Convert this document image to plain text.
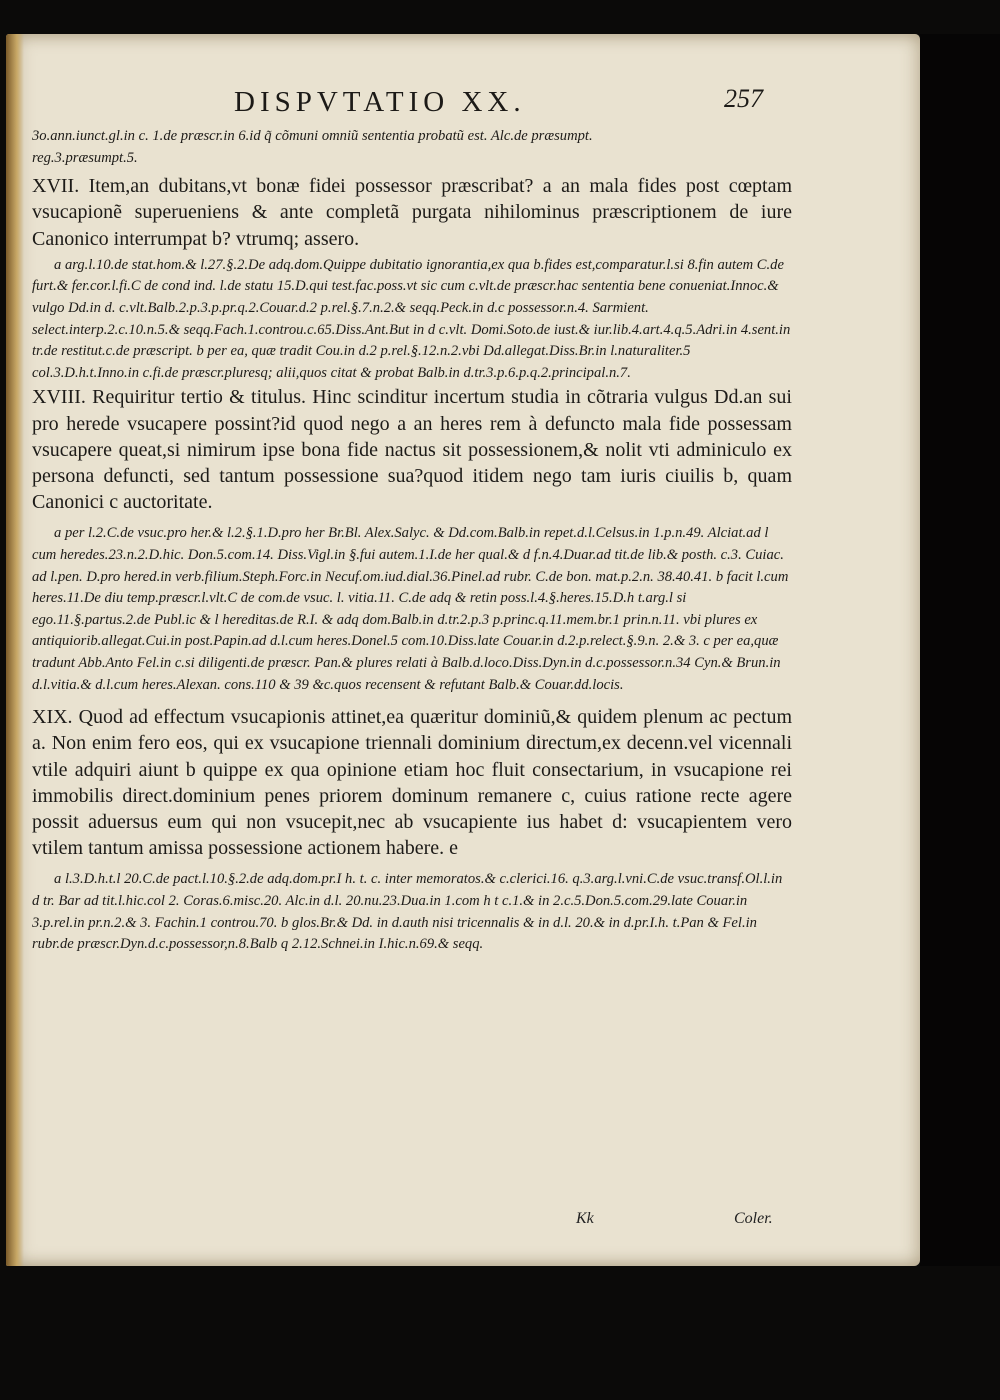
DISPVTATIO XX.	257

3o.ann.iunct.gl.in c. 1.de præscr.in 6.id q̃ cõmuni omniũ sententia probatũ est. Alc.de præsumpt.

reg.3.præsumpt.5.

XVII. Item,an dubitans,vt bonæ fidei possessor præscribat? a an mala fides post cœptam vsucapionẽ superueniens & ante completã purgata nihilominus præscriptionem de iure Canonico interrumpat b? vtrumq; assero.

a arg.l.10.de stat.hom.& l.27.§.2.De adq.dom.Quippe dubitatio ignorantia,ex qua b.fides est,comparatur.l.si 8.fin autem C.de furt.& fer.cor.l.fi.C de cond ind. l.de statu 15.D.qui test.fac.poss.vt sic cum c.vlt.de præscr.hac sententia bene conueniat.Innoc.& vulgo Dd.in d. c.vlt.Balb.2.p.3.p.pr.q.2.Couar.d.2 p.rel.§.7.n.2.& seqq.Peck.in d.c possessor.n.4. Sarmient. select.interp.2.c.10.n.5.& seqq.Fach.1.controu.c.65.Diss.Ant.But in d c.vlt. Domi.Soto.de iust.& iur.lib.4.art.4.q.5.Adri.in 4.sent.in tr.de restitut.c.de præscript. b per ea, quæ tradit Cou.in d.2 p.rel.§.12.n.2.vbi Dd.allegat.Diss.Br.in l.naturaliter.5 col.3.D.h.t.Inno.in c.fi.de præscr.pluresq; alii,quos citat & probat Balb.in d.tr.3.p.6.p.q.2.principal.n.7.

XVIII. Requiritur tertio & titulus. Hinc scinditur incertum studia in cõtraria vulgus Dd.an sui pro herede vsucapere possint?id quod nego a an heres rem à defuncto mala fide possessam vsucapere queat,si nimirum ipse bona fide nactus sit possessionem,& nolit vti adminiculo ex persona defuncti, sed tantum possessione sua?quod itidem nego tam iuris ciuilis b, quam Canonici c auctoritate.

a per l.2.C.de vsuc.pro her.& l.2.§.1.D.pro her Br.Bl. Alex.Salyc. & Dd.com.Balb.in repet.d.l.Celsus.in 1.p.n.49. Alciat.ad l cum heredes.23.n.2.D.hic. Don.5.com.14. Diss.Vigl.in §.fui autem.1.I.de her qual.& d f.n.4.Duar.ad tit.de lib.& posth. c.3. Cuiac. ad l.pen. D.pro hered.in verb.filium.Steph.Forc.in Necuf.om.iud.dial.36.Pinel.ad rubr. C.de bon. mat.p.2.n. 38.40.41. b facit l.cum heres.11.De diu temp.præscr.l.vlt.C de com.de vsuc. l. vitia.11. C.de adq & retin poss.l.4.§.heres.15.D.h t.arg.l si ego.11.§.partus.2.de Publ.ic & l hereditas.de R.I. & adq dom.Balb.in d.tr.2.p.3 p.princ.q.11.mem.br.1 prin.n.11. vbi plures ex antiquiorib.allegat.Cui.in post.Papin.ad d.l.cum heres.Donel.5 com.10.Diss.late Couar.in d.2.p.relect.§.9.n. 2.& 3. c per ea,quæ tradunt Abb.Anto Fel.in c.si diligenti.de præscr. Pan.& plures relati à Balb.d.loco.Diss.Dyn.in d.c.possessor.n.34 Cyn.& Brun.in d.l.vitia.& d.l.cum heres.Alexan. cons.110 & 39 &c.quos recensent & refutant Balb.& Couar.dd.locis.

XIX. Quod ad effectum vsucapionis attinet,ea quæritur dominiũ,& quidem plenum ac pectum a. Non enim fero eos, qui ex vsucapione triennali dominium directum,ex decenn.vel vicennali vtile adquiri aiunt b quippe ex qua opinione etiam hoc fluit consectarium, in vsucapione rei immobilis direct.dominium penes priorem dominum remanere c, cuius ratione recte agere possit aduersus eum qui non vsucepit,nec ab vsucapiente ius habet d: vsucapientem vero vtilem tantum amissa possessione actionem habere. e

a l.3.D.h.t.l 20.C.de pact.l.10.§.2.de adq.dom.pr.I h. t. c. inter memoratos.& c.clerici.16. q.3.arg.l.vni.C.de vsuc.transf.Ol.l.in d tr. Bar ad tit.l.hic.col 2. Coras.6.misc.20. Alc.in d.l. 20.nu.23.Dua.in 1.com h t c.1.& in 2.c.5.Don.5.com.29.late Couar.in 3.p.rel.in pr.n.2.& 3. Fachin.1 controu.70. b glos.Br.& Dd. in d.auth nisi tricennalis & in d.l. 20.& in d.pr.I.h. t.Pan & Fel.in rubr.de præscr.Dyn.d.c.possessor,n.8.Balb q 2.12.Schnei.in I.hic.n.69.& seqq.

Kk	Coler.
